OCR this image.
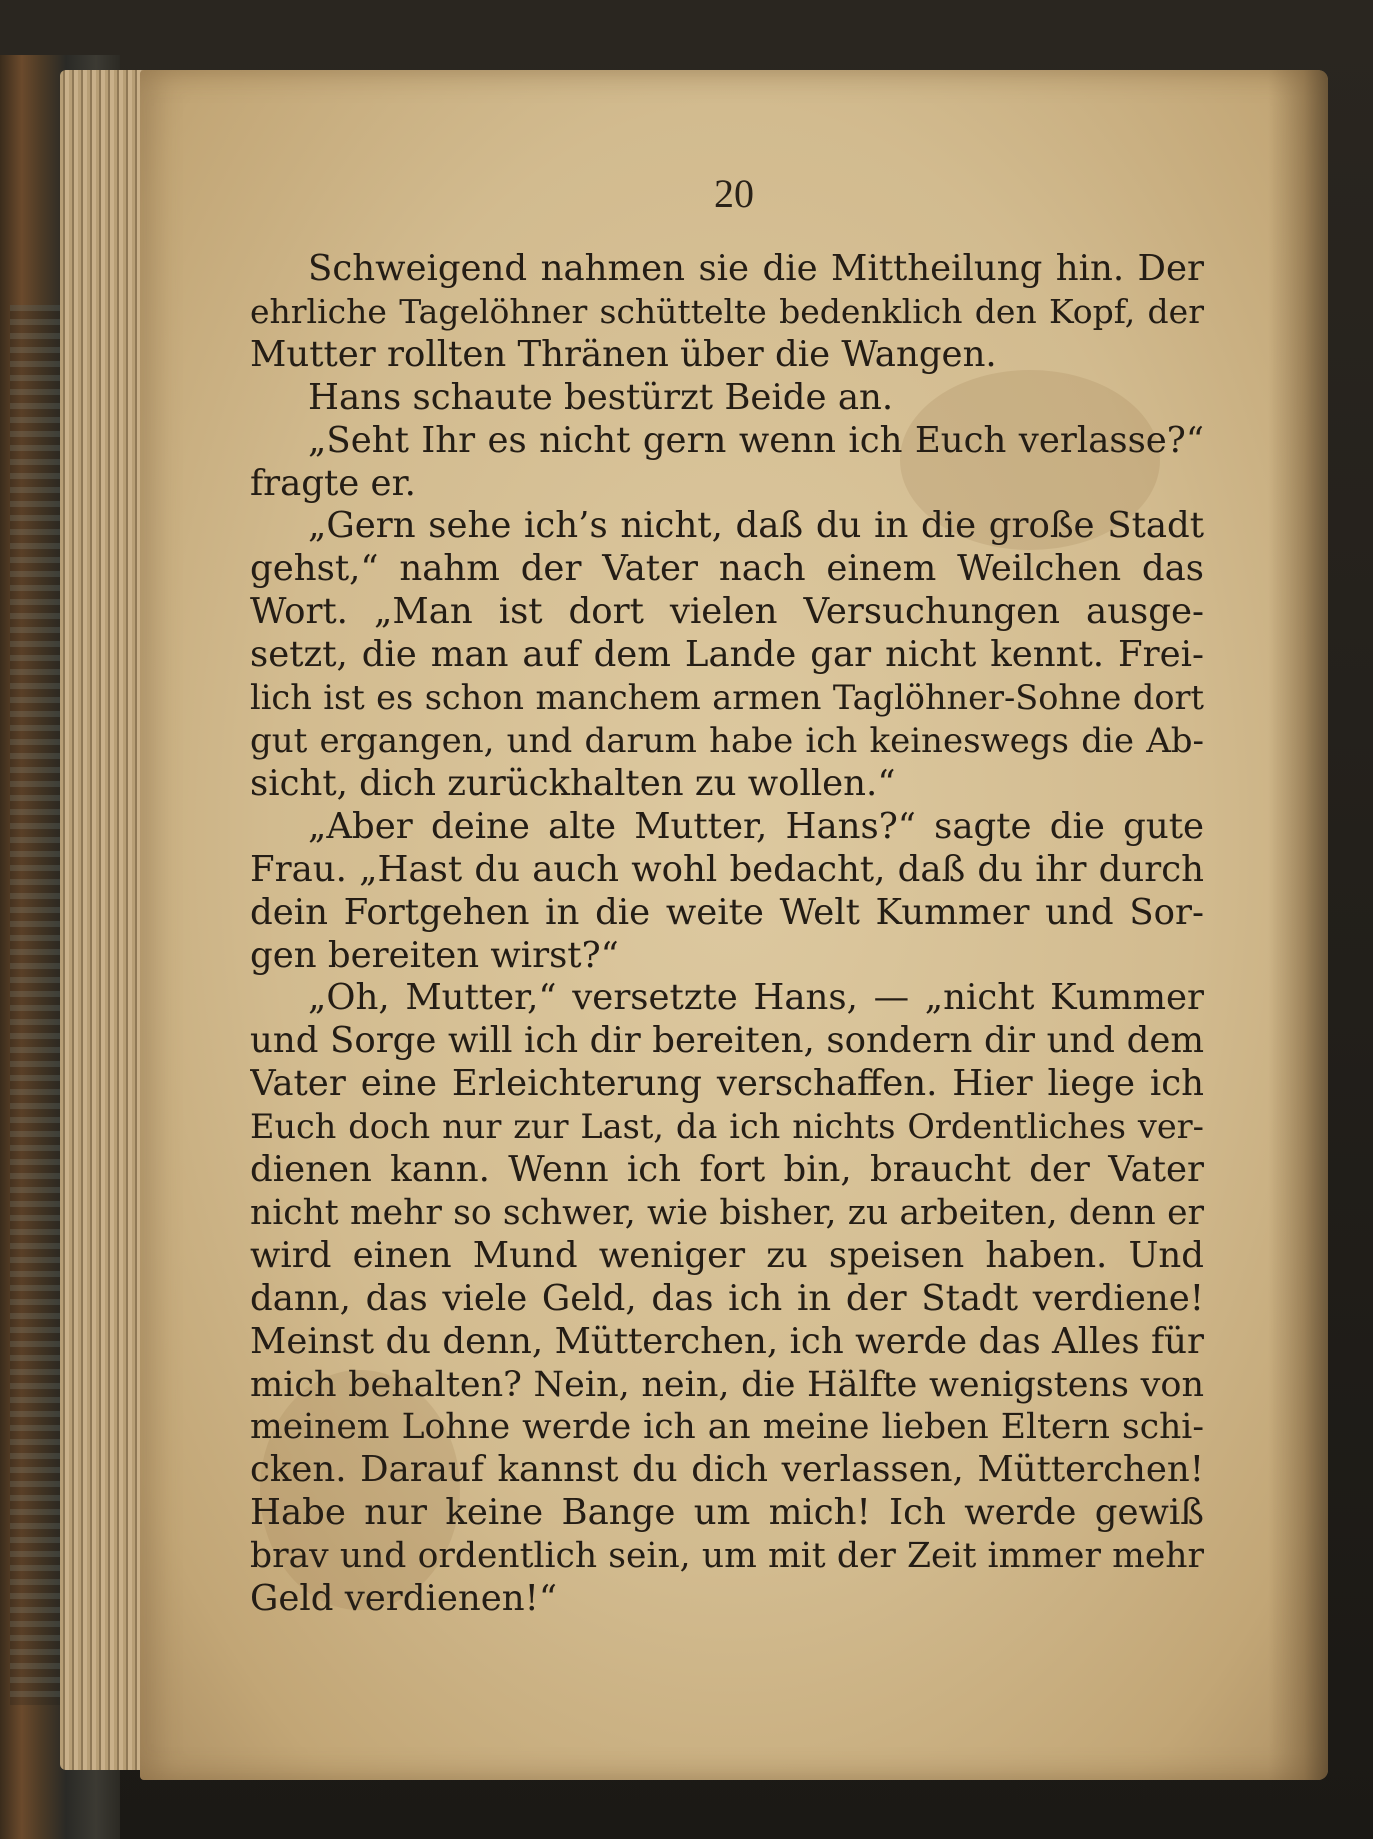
20
Schweigend nahmen sie die Mittheilung hin. Der
ehrliche Tagelöhner schüttelte bedenklich den Kopf, der
Mutter rollten Thränen über die Wangen.
Hans schaute bestürzt Beide an.
„Seht Ihr es nicht gern wenn ich Euch verlasse?“
fragte er.
„Gern sehe ich’s nicht, daß du in die große Stadt
gehst,“ nahm der Vater nach einem Weilchen das
Wort. „Man ist dort vielen Versuchungen ausge-
setzt, die man auf dem Lande gar nicht kennt. Frei-
lich ist es schon manchem armen Taglöhner-Sohne dort
gut ergangen, und darum habe ich keineswegs die Ab-
sicht, dich zurückhalten zu wollen.“
„Aber deine alte Mutter, Hans?“ sagte die gute
Frau. „Hast du auch wohl bedacht, daß du ihr durch
dein Fortgehen in die weite Welt Kummer und Sor-
gen bereiten wirst?“
„Oh, Mutter,“ versetzte Hans, — „nicht Kummer
und Sorge will ich dir bereiten, sondern dir und dem
Vater eine Erleichterung verschaffen. Hier liege ich
Euch doch nur zur Last, da ich nichts Ordentliches ver-
dienen kann. Wenn ich fort bin, braucht der Vater
nicht mehr so schwer, wie bisher, zu arbeiten, denn er
wird einen Mund weniger zu speisen haben. Und
dann, das viele Geld, das ich in der Stadt verdiene!
Meinst du denn, Mütterchen, ich werde das Alles für
mich behalten? Nein, nein, die Hälfte wenigstens von
meinem Lohne werde ich an meine lieben Eltern schi-
cken. Darauf kannst du dich verlassen, Mütterchen!
Habe nur keine Bange um mich! Ich werde gewiß
brav und ordentlich sein, um mit der Zeit immer mehr
Geld verdienen!“
